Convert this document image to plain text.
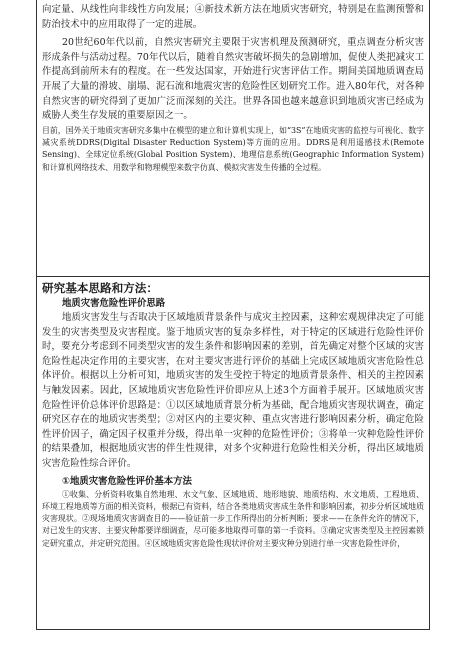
向定量、从线性向非线性方向发展；④新技术新方法在地质灾害研究，特别是在监测预警和防治技术中的应用取得了一定的进展。

20世纪60年代以前，自然灾害研究主要限于灾害机理及预测研究，重点调查分析灾害形成条件与活动过程。70年代以后，随着自然灾害破坏损失的急剧增加，促使人类把减灾工作提高到前所未有的程度。在一些发达国家，开始进行灾害评估工作。期间美国地质调查局开展了大量的滑坡、崩塌、泥石流和地震灾害的危险性区划研究工作。进入80年代，对各种自然灾害的研究得到了更加广泛而深刻的关注。世界各国也越来越意识到地质灾害已经成为威胁人类生存发展的重要原因之一。

目前，国外关于地质灾害研究多集中在模型的建立和计算机实现上，如“3S”在地质灾害的监控与可视化、数字减灾系统DDRS(Digital Disaster Reduction System)等方面的应用。DDRS是利用遥感技术(Remote Sensing)、全球定位系统(Global Position System)、地理信息系统(Geographic Information System)和计算机网络技术、用数学和物理模型来数字仿真、模拟灾害发生传播的全过程。

研究基本思路和方法：

地质灾害危险性评价思路

地质灾害发生与否取决于区域地质背景条件与成灾主控因素，这种宏观规律决定了可能发生的灾害类型及灾害程度。鉴于地质灾害的复杂多样性，对于特定的区域进行危险性评价时，要充分考虑到不同类型灾害的发生条件和影响因素的差别，首先确定对整个区域的灾害危险性起决定作用的主要灾害，在对主要灾害进行评价的基础上完成区域地质灾害危险性总体评价。根据以上分析可知，地质灾害的发生受控于特定的地质背景条件、相关的主控因素与触发因素。因此，区域地质灾害危险性评价即应从上述3个方面着手展开。区域地质灾害危险性评价总体评价思路是：①以区域地质背景分析为基础，配合地质灾害现状调查，确定研究区存在的地质灾害类型；②对区内的主要灾种、重点灾害进行影响因素分析，确定危险性评价因子，确定因子权重并分级，得出单一灾种的危险性评价；③将单一灾种危险性评价的结果叠加，根据地质灾害的伴生性规律，对多个灾种进行危险性相关分析，得出区域地质灾害危险性综合评价。

①地质灾害危险性评价基本方法

①收集、分析资料收集自然地理、水文气象、区域地质、地形地貌、地质结构、水文地质、工程地质、环境工程地质等方面的相关资料，根据已有资料，结合各类地质灾害成生条件和影响因素，初步分析区域地质灾害现状。②现场地质灾害调查目的——验证前一步工作所得出的分析判断；要求——在条件允许的情况下，对已发生的灾害、主要灾种都要详细调查，尽可能多地取得可靠的第一手资料。③确定灾害类型及主控因素锁定研究重点，并定研究范围。④区域地质灾害危险性现状评价对主要灾种分别进行单一灾害危险性评价，
